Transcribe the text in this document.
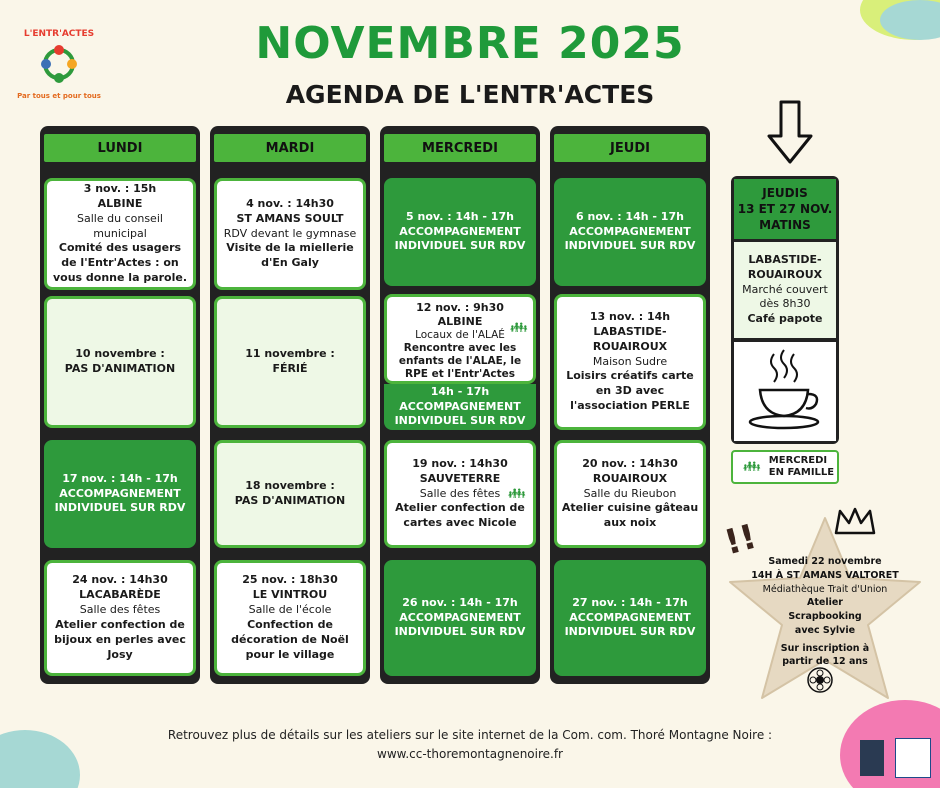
L'ENTR'ACTES
Par tous et pour tous
NOVEMBRE 2025
AGENDA DE L'ENTR'ACTES
LUNDI
3 nov. : 15h
ALBINE
Salle du conseil municipal
Comité des usagers de l'Entr'Actes : on vous donne la parole.
10 novembre :
PAS D'ANIMATION
17 nov. : 14h - 17h
ACCOMPAGNEMENT INDIVIDUEL SUR RDV
24 nov. : 14h30
LACABARÈDE
Salle des fêtes
Atelier confection de bijoux en perles avec Josy
MARDI
4 nov. : 14h30
ST AMANS SOULT
RDV devant le gymnase
Visite de la miellerie d'En Galy
11 novembre :
FÉRIÉ
18 novembre :
PAS D'ANIMATION
25 nov. : 18h30
LE VINTROU
Salle de l'école
Confection de décoration de Noël pour le village
MERCREDI
5 nov. : 14h - 17h
ACCOMPAGNEMENT INDIVIDUEL SUR RDV
12 nov. : 9h30
ALBINE
Locaux de l'ALAÉ
Rencontre avec les enfants de l'ALAE, le RPE et l'Entr'Actes
👪︎
14h - 17h
ACCOMPAGNEMENT INDIVIDUEL SUR RDV
19 nov. : 14h30
SAUVETERRE
Salle des fêtes
Atelier confection de cartes avec Nicole
👪︎
26 nov. : 14h - 17h
ACCOMPAGNEMENT INDIVIDUEL SUR RDV
JEUDI
6 nov. : 14h - 17h
ACCOMPAGNEMENT INDIVIDUEL SUR RDV
13 nov. : 14h
LABASTIDE-ROUAIROUX
Maison Sudre
Loisirs créatifs carte en 3D avec l'association PERLE
20 nov. : 14h30
ROUAIROUX
Salle du Rieubon
Atelier cuisine gâteau aux noix
27 nov. : 14h - 17h
ACCOMPAGNEMENT INDIVIDUEL SUR RDV
JEUDIS
13 ET 27 NOV.
MATINS
LABASTIDE-ROUAIROUX
Marché couvert dès 8h30
Café papote
👪︎ MERCREDI
EN FAMILLE
!! Samedi 22 novembre
14H À ST AMANS VALTORET
Médiathèque Trait d'Union
Atelier Scrapbooking avec Sylvie
Sur inscription à partir de 12 ans
Retrouvez plus de détails sur les ateliers sur le site internet de la Com. com. Thoré Montagne Noire :
www.cc-thoremontagnenoire.fr
